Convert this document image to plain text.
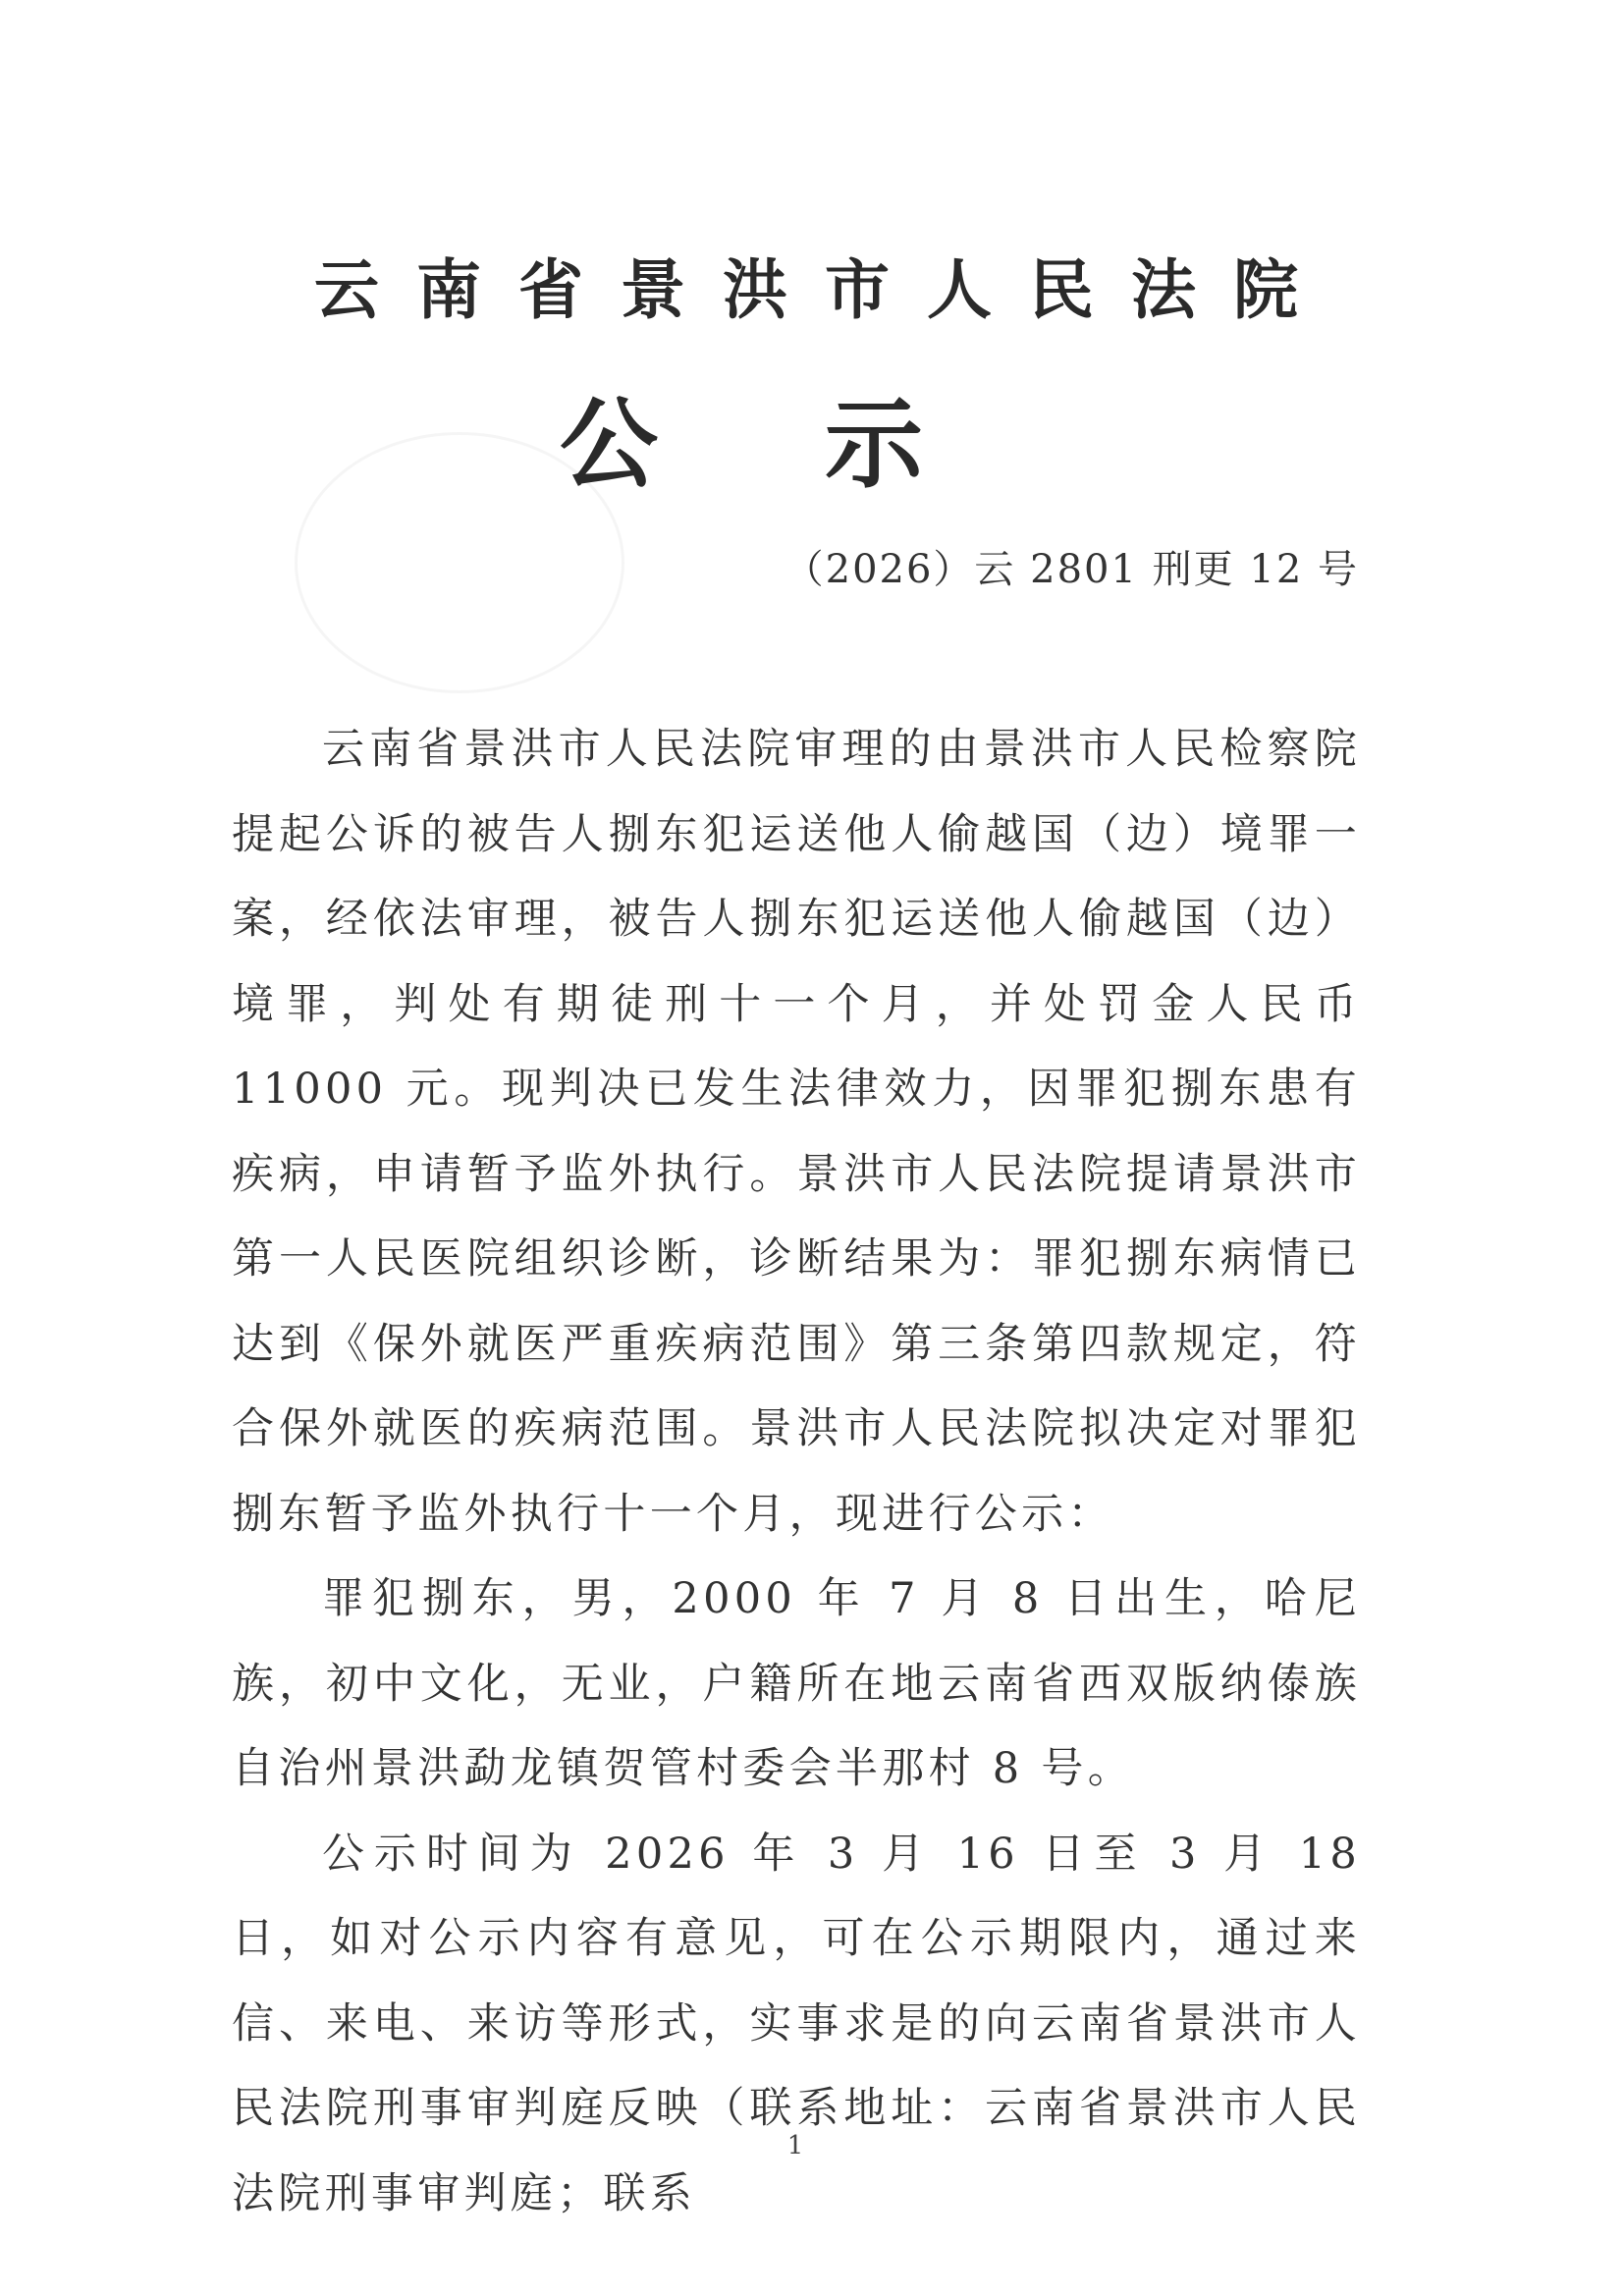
云南省景洪市人民法院
公示
（2026）云 2801 刑更 12 号

云南省景洪市人民法院审理的由景洪市人民检察院提起公诉的被告人捌东犯运送他人偷越国（边）境罪一案，经依法审理，被告人捌东犯运送他人偷越国（边）境罪，判处有期徒刑十一个月，并处罚金人民币 11000 元。现判决已发生法律效力，因罪犯捌东患有疾病，申请暂予监外执行。景洪市人民法院提请景洪市第一人民医院组织诊断，诊断结果为：罪犯捌东病情已达到《保外就医严重疾病范围》第三条第四款规定，符合保外就医的疾病范围。景洪市人民法院拟决定对罪犯捌东暂予监外执行十一个月，现进行公示：

罪犯捌东，男，2000 年 7 月 8 日出生，哈尼族，初中文化，无业，户籍所在地云南省西双版纳傣族自治州景洪勐龙镇贺管村委会半那村 8 号。

公示时间为 2026 年 3 月 16 日至 3 月 18 日，如对公示内容有意见，可在公示期限内，通过来信、来电、来访等形式，实事求是的向云南省景洪市人民法院刑事审判庭反映（联系地址：云南省景洪市人民法院刑事审判庭；联系

1
